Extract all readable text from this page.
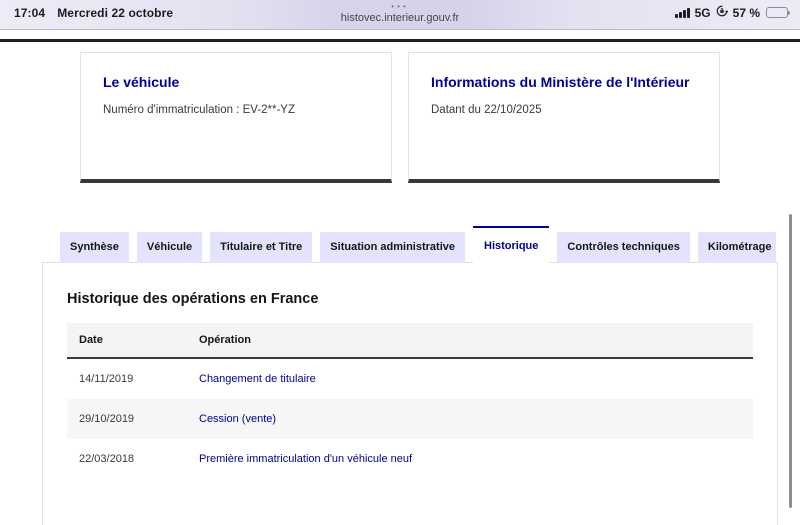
17:04 Mercredi 22 octobre	•••
histovec.interieur.gouv.fr	5G 57 %
Le véhicule

Numéro d'immatriculation : EV-2**-YZ

Informations du Ministère de l'Intérieur

Datant du 22/10/2025

Synthèse	Véhicule	Titulaire et Titre	Situation administrative	Historique	Contrôles techniques	Kilométrage
Historique des opérations en France
Date	Opération
14/11/2019	Changement de titulaire
29/10/2019	Cession (vente)
22/03/2018	Première immatriculation d'un véhicule neuf
